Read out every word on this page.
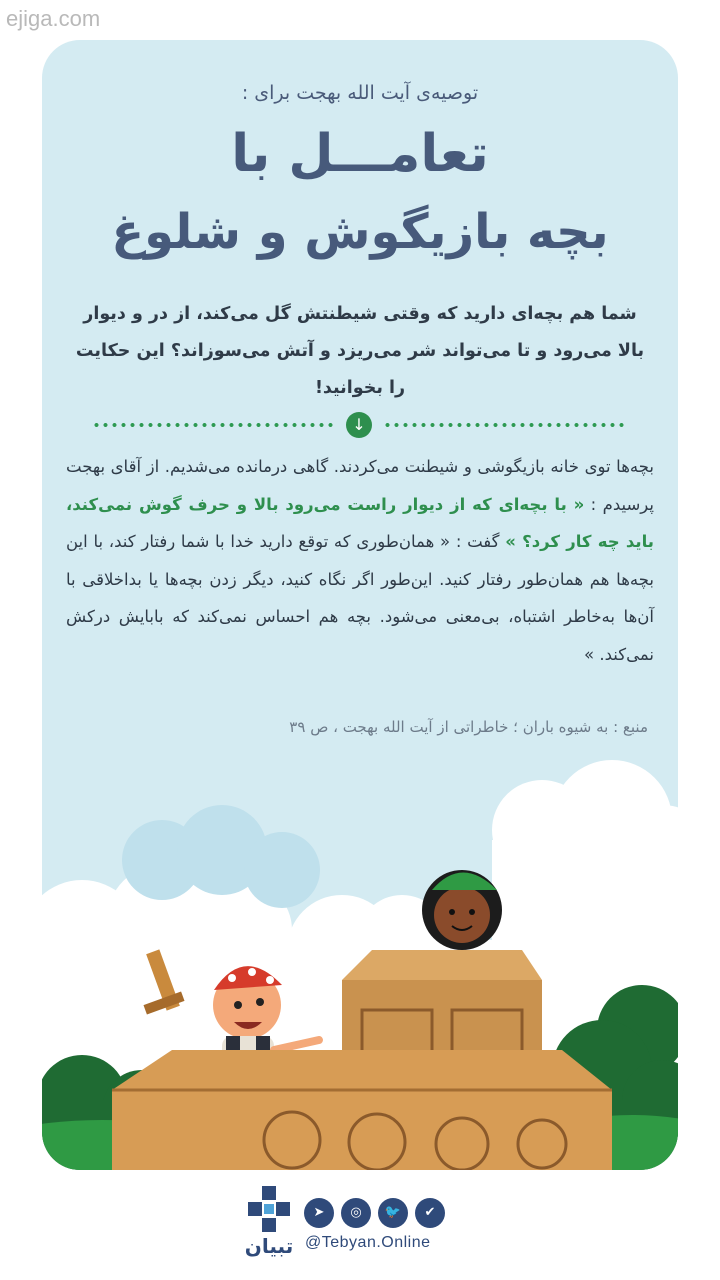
ejiga.com
توصیه‌ی آیت الله بهجت برای :
تعامـــل با
بچه بازیگوش و شلوغ
شما هم بچه‌ای دارید که وقتی شیطنتش گل می‌کند، از در و دیوار بالا می‌رود و تا می‌تواند شر می‌ریزد و آتش می‌سوزاند؟ این حکایت را بخوانید!
↓
بچه‌ها توی خانه بازیگوشی و شیطنت می‌کردند. گاهی درمانده می‌شدیم. از آقای بهجت پرسیدم : « با بچه‌ای که از دیوار راست می‌رود بالا و حرف گوش نمی‌کند، باید چه کار کرد؟ » گفت : « همان‌طوری که توقع دارید خدا با شما رفتار کند، با این بچه‌ها هم همان‌طور رفتار کنید. این‌طور اگر نگاه کنید، دیگر زدن بچه‌ها یا بداخلاقی با آن‌ها به‌خاطر اشتباه، بی‌معنی می‌شود. بچه هم احساس نمی‌کند که بابایش درکش نمی‌کند. »
منبع : به شیوه باران ؛ خاطراتی از آیت الله بهجت ، ص ۳۹
تبیان
➤	◎	🐦	✔
@Tebyan.Online
